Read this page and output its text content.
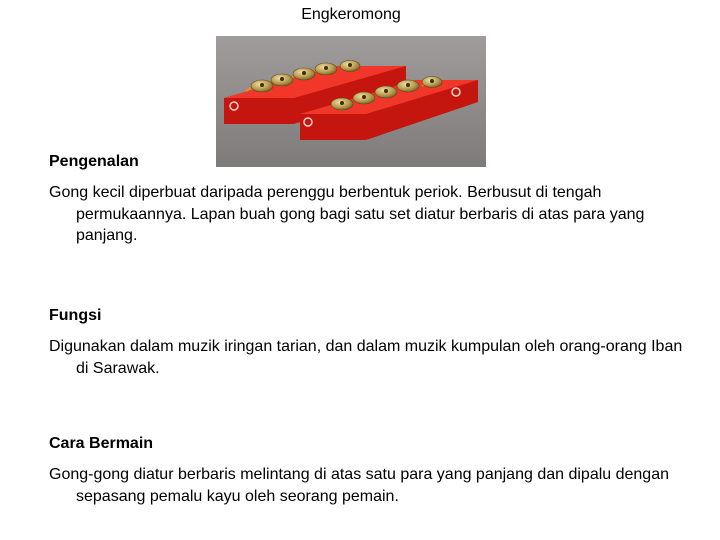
Engkeromong
Pengenalan
Gong kecil diperbuat daripada perenggu berbentuk periok. Berbusut di tengah permukaannya. Lapan buah gong bagi satu set diatur berbaris di atas para yang panjang.
Fungsi
Digunakan dalam muzik iringan tarian, dan dalam muzik kumpulan oleh orang-orang Iban di Sarawak.
Cara Bermain
Gong-gong diatur berbaris melintang di atas satu para yang panjang dan dipalu dengan sepasang pemalu kayu oleh seorang pemain.
